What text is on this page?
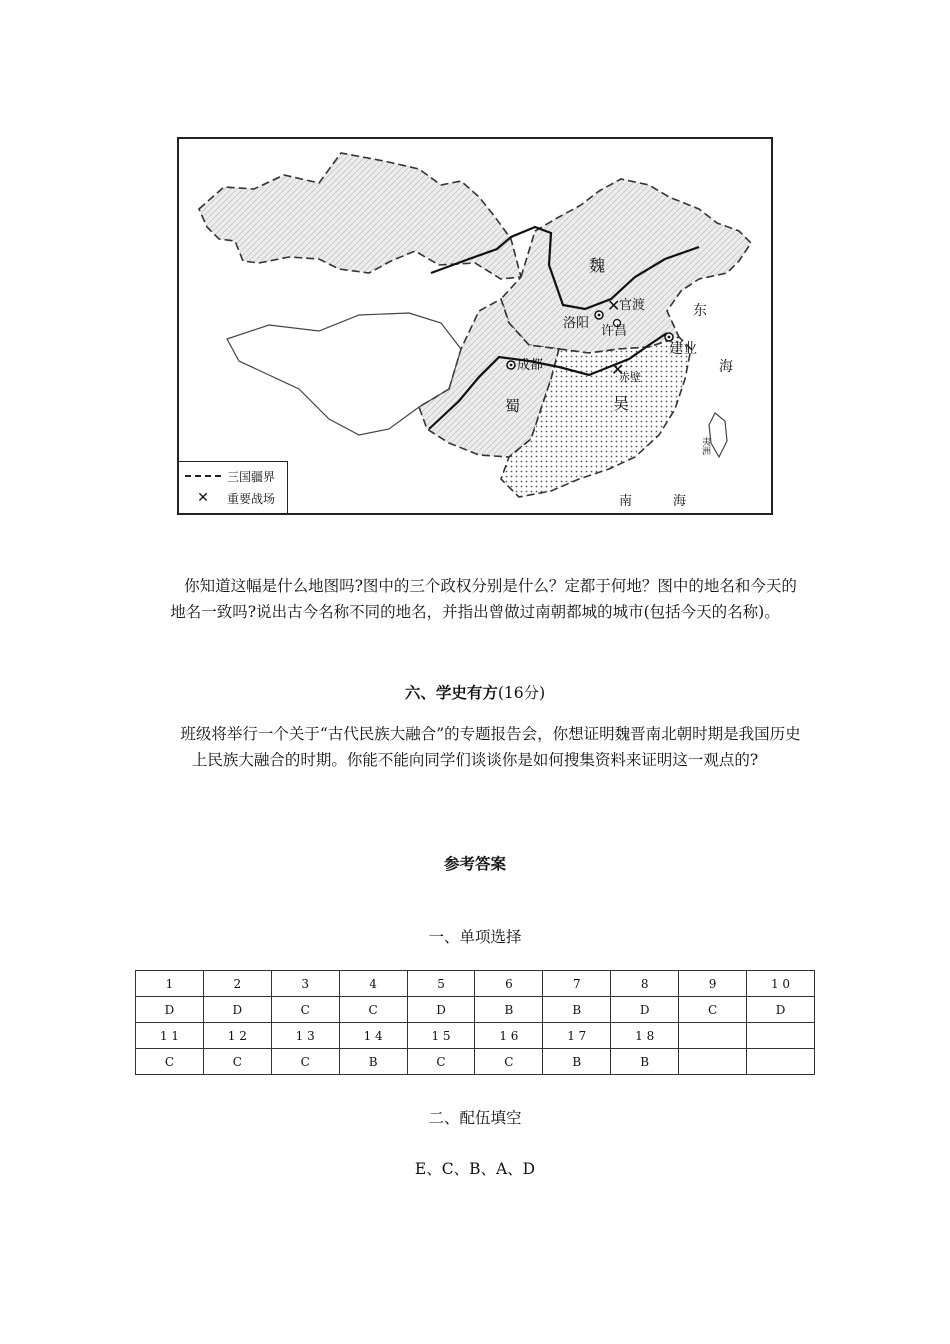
✕
✕
魏
蜀	吴
洛阳
许昌
官渡
成都
建业
赤壁
东
海
南	海
夷洲
三国疆界
✕	重要战场
你知道这幅是什么地图吗?图中的三个政权分别是什么？定都于何地？图中的地名和今天的地名一致吗?说出古今名称不同的地名，并指出曾做过南朝都城的城市(包括今天的名称)。
六、学史有方(16分)
班级将举行一个关于“古代民族大融合”的专题报告会，你想证明魏晋南北朝时期是我国历史上民族大融合的时期。你能不能向同学们谈谈你是如何搜集资料来证明这一观点的?
参考答案
一、单项选择
1	2	3	4	5	6	7	8	9	1 0
D	D	C	C	D	B	B	D	C	D
1 1	1 2	1 3	1 4	1 5	1 6	1 7	1 8		
C	C	C	B	C	C	B	B		
二、配伍填空
E、C、B、A、D
